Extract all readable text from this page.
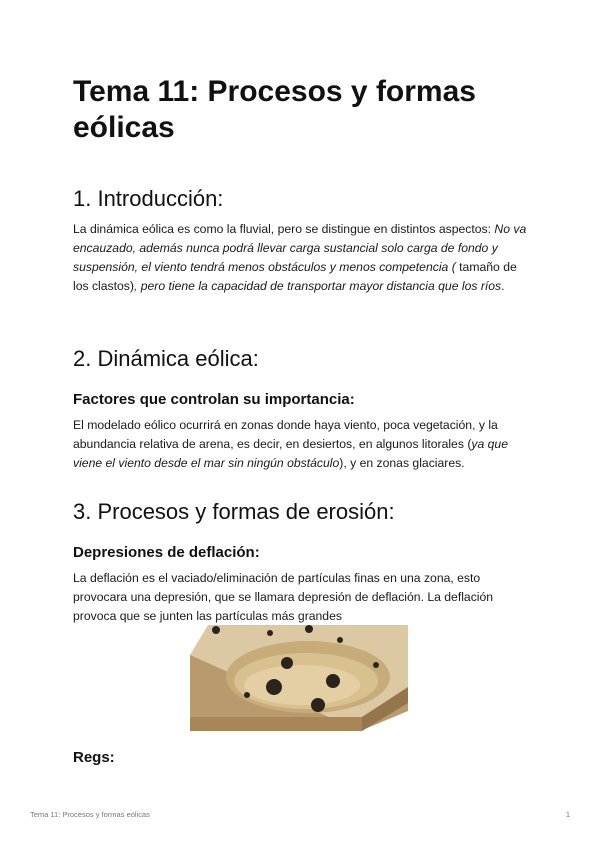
Tema 11: Procesos y formas eólicas
1. Introducción:

La dinámica eólica es como la fluvial, pero se distingue en distintos aspectos: No va encauzado, además nunca podrá llevar carga sustancial solo carga de fondo y suspensión, el viento tendrá menos obstáculos y menos competencia ( tamaño de los clastos), pero tiene la capacidad de transportar mayor distancia que los ríos.

2. Dinámica eólica:
Factores que controlan su importancia:

El modelado eólico ocurrirá en zonas donde haya viento, poca vegetación, y la abundancia relativa de arena, es decir, en desiertos, en algunos litorales (ya que viene el viento desde el mar sin ningún obstáculo), y en zonas glaciares.

3. Procesos y formas de erosión:
Depresiones de deflación:

La deflación es el vaciado/eliminación de partículas finas en una zona, esto provocara una depresión, que se llamara depresión de deflación. La deflación provoca que se junten las partículas más grandes

Regs:
Tema 11: Procesos y formas eólicas	1
